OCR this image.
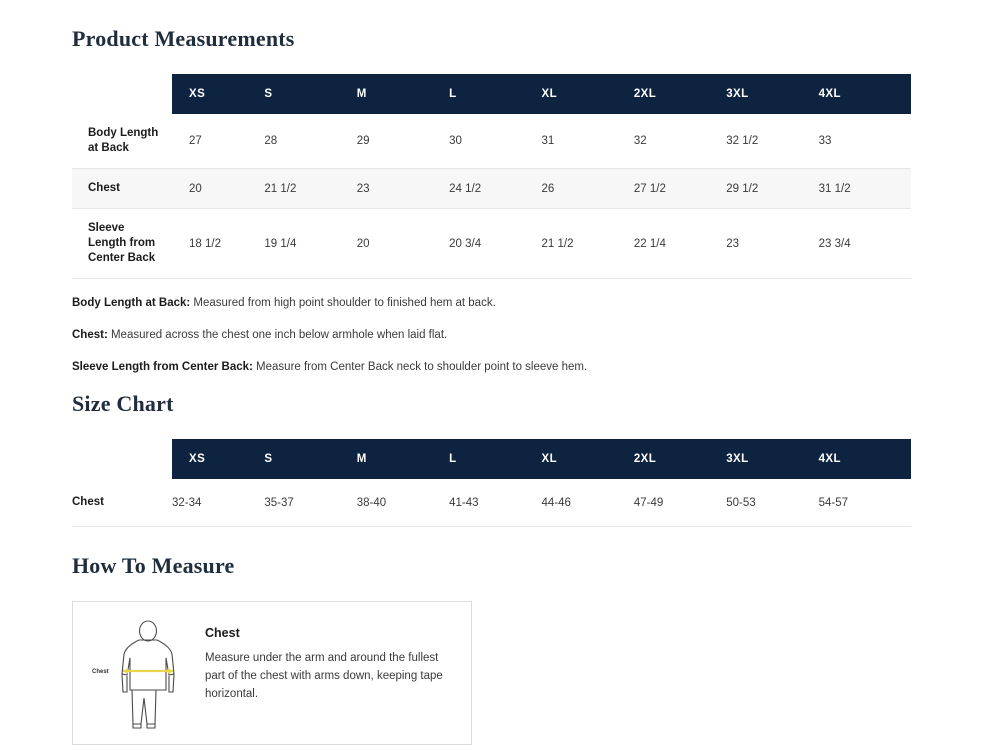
Product Measurements
	XS	S	M	L	XL	2XL	3XL	4XL
Body Length at Back	27	28	29	30	31	32	32 1/2	33
Chest	20	21 1/2	23	24 1/2	26	27 1/2	29 1/2	31 1/2
Sleeve Length from Center Back	18 1/2	19 1/4	20	20 3/4	21 1/2	22 1/4	23	23 3/4

Body Length at Back: Measured from high point shoulder to finished hem at back.

Chest: Measured across the chest one inch below armhole when laid flat.

Sleeve Length from Center Back: Measure from Center Back neck to shoulder point to sleeve hem.

Size Chart
	XS	S	M	L	XL	2XL	3XL	4XL
Chest	32-34	35-37	38-40	41-43	44-46	47-49	50-53	54-57
How To Measure
Chest
Chest

Measure under the arm and around the fullest part of the chest with arms down, keeping tape horizontal.
